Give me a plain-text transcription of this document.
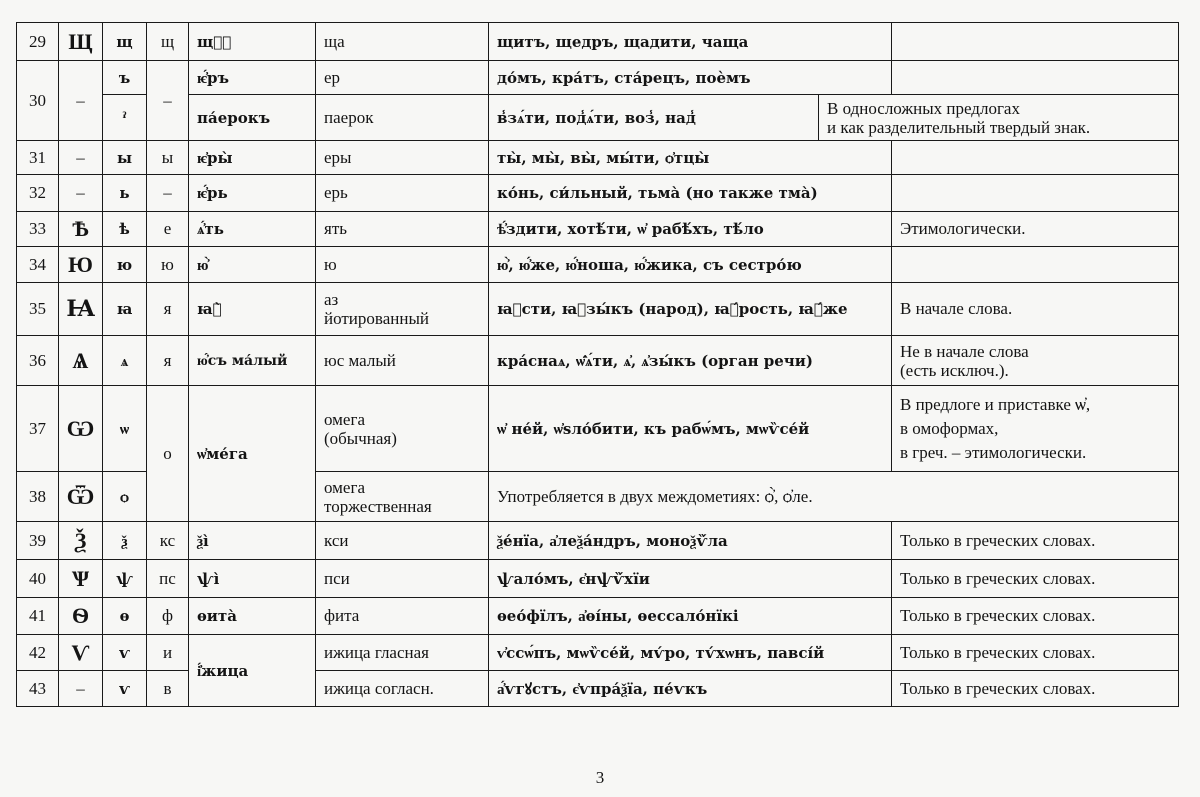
29	Щ	щ	щ	щⷶ҇	ща	щитъ, щедръ, щадити, чаща		
30	–	ъ	–	ѥ҆́ръ	ер	до́мъ, кра́тъ, ста́рецъ, поѐмъ		
		ˀ		па́ерокъ	паерок	в̾зѧ́ти, под̾ѧ́ти, воз̾, над̾	В односложных предлогах
и как разделительный твердый знак.	

31	–	ы	ы	ѥ҆ры̀	еры	ты̀, мы̀, вы̀, мы́ти, ѻ҆тцы̀		
32	–	ь	–	ѥ҆́рь	ерь	ко́нь, си́льный, тьма̀ (но также тма̀)		
33	Ѣ	ѣ	е	ѧ҆́ть	ять	ѣ҆́здити, хотѣ́ти, ѡ҆ рабѣ́хъ, тѣ́ло		Этимологически.
34	Ю	ю	ю	ю҆̀	ю	ю҆̀, ю҆́же, ю҆́ноша, ю҆́жика, съ сестро́ю		
35	Ꙗ	ꙗ	я	ꙗ҆̀	аз
йотированный	ꙗ҆сти, ꙗ҆зы́къ (народ), ꙗ҆́рость, ꙗ҆́же		В начале слова.
36	Ѧ	ѧ	я	ю҆́съ ма́лый	юс малый	кра́снаѧ, ѡ҆̑ѧ́ти, ѧ҆, ѧ҆зы́къ (орган речи)		Не в начале слова
(есть исключ.).

37	Ѡ	ѡ	о	ѡ҆ме́га	омега
(обычная)	ѡ҆ не́й, ѡ҆ѕло́бити, къ рабѡ́мъ, мѡѷсе́й		В предлоге и приставке ѡ҆,
в омоформах,
в греч. – этимологически.

38	Ѿ	ѻ			омега
торжественная	Употребляется в двух междометиях: ѻ҆̀, ѻ҆ле.		
39	Ѯ	ѯ	кс	ѯі̀	кси	ѯе́нїа, а҆леѯа́ндръ, моноѯѷ́ла		Только в греческих словах.
40	Ѱ	ѱ	пс	ѱі̀	пси	ѱало́мъ, є҆нѱѷ́хїи		Только в греческих словах.
41	Ѳ	ѳ	ф	ѳита̀	фита	ѳео́фїлъ, а҆ѳі́ны, ѳессало́нїкі		Только в греческих словах.
42	Ѵ	ѵ	и	і҆́жица	ижица гласная	ѵ҆ссѡ́пъ, мѡѷсе́й, мѵ́ро, тѵ́хѡнъ, павсі́й		Только в греческих словах.
43	–	ѵ	в		ижица согласн.	а҆́ѵгꙋстъ, є҆ѵпра́ѯїа, пе́ѵкъ		Только в греческих словах.
3
